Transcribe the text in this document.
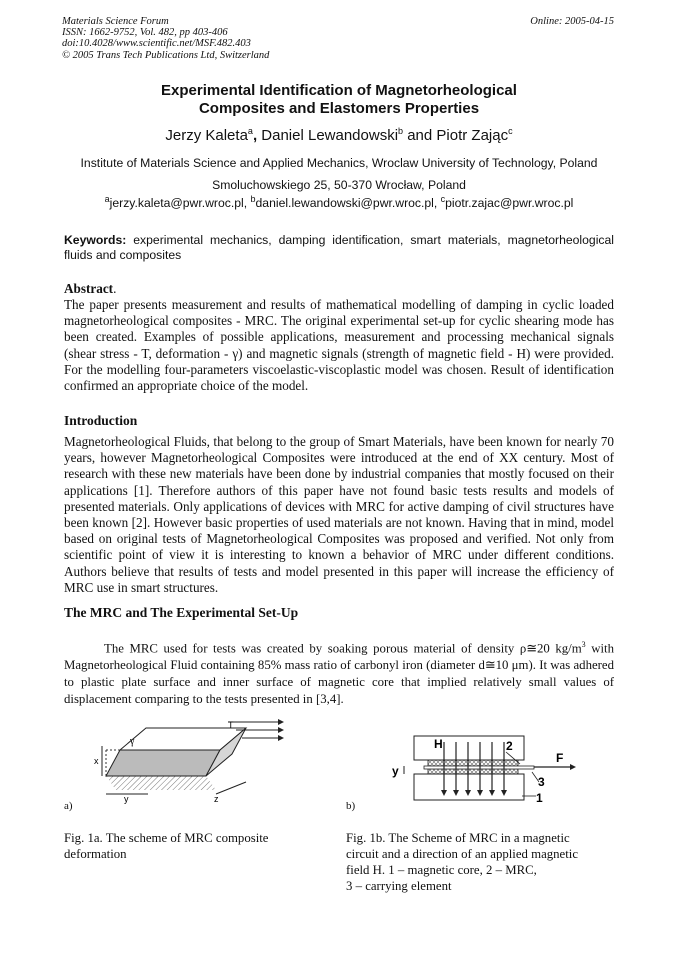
Materials Science Forum
ISSN: 1662-9752, Vol. 482, pp 403-406
doi:10.4028/www.scientific.net/MSF.482.403
© 2005 Trans Tech Publications Ltd, Switzerland
Online: 2005-04-15
Experimental Identification of Magnetorheological
Composites and Elastomers Properties
Jerzy Kaleta$^a$, Daniel Lewandowski$^b$ and Piotr Zając$^c$
Institute of Materials Science and Applied Mechanics, Wroclaw University of Technology, Poland
Smoluchowskiego 25, 50-370 Wrocław, Poland
$^a$jerzy.kaleta@pwr.wroc.pl, $^b$daniel.lewandowski@pwr.wroc.pl, $^c$piotr.zajac@pwr.wroc.pl
Keywords: experimental mechanics, damping identification, smart materials, magnetorheological fluids and composites
Abstract.
The paper presents measurement and results of mathematical modelling of damping in cyclic loaded magnetorheological composites - MRC. The original experimental set-up for cyclic shearing mode has been created. Examples of possible applications, measurement and processing mechanical signals (shear stress - T, deformation - γ) and magnetic signals (strength of magnetic field - H) were provided. For the modelling four-parameters viscoelastic-viscoplastic model was chosen. Result of identification confirmed an appropriate choice of the model.
Introduction
Magnetorheological Fluids, that belong to the group of Smart Materials, have been known for nearly 70 years, however Magnetorheological Composites were introduced at the end of XX century. Most of research with these new materials have been done by industrial companies that mostly focused on their applications [1]. Therefore authors of this paper have not found basic tests results and models of presented materials. Only applications of devices with MRC for active damping of civil structures have been known [2]. However basic properties of used materials are not known. Having that in mind, model based on original tests of Magnetorheological Composites was proposed and verified. Not only from scientific point of view it is interesting to known a behavior of MRC under different conditions. Authors believe that results of tests and model presented in this paper will increase the efficiency of MRC use in smart structures.
The MRC and The Experimental Set-Up
The MRC used for tests was created by soaking porous material of density ρ≅20 $kg/m^3$ with Magnetorheological Fluid containing 85% mass ratio of carbonyl iron (diameter d≅10 μm). It was adhered to plastic plate surface and inner surface of magnetic core that implied relatively small values of displacement comparing to the tests presented in [3,4].
T
γ
x
y	z
a)
H
F
y
2
3
1
b)
Fig. 1a. The scheme of MRC composite deformation
Fig. 1b. The Scheme of MRC in a magnetic
circuit and a direction of an applied magnetic
field H. 1 – magnetic core, 2 – MRC,
3 – carrying element
